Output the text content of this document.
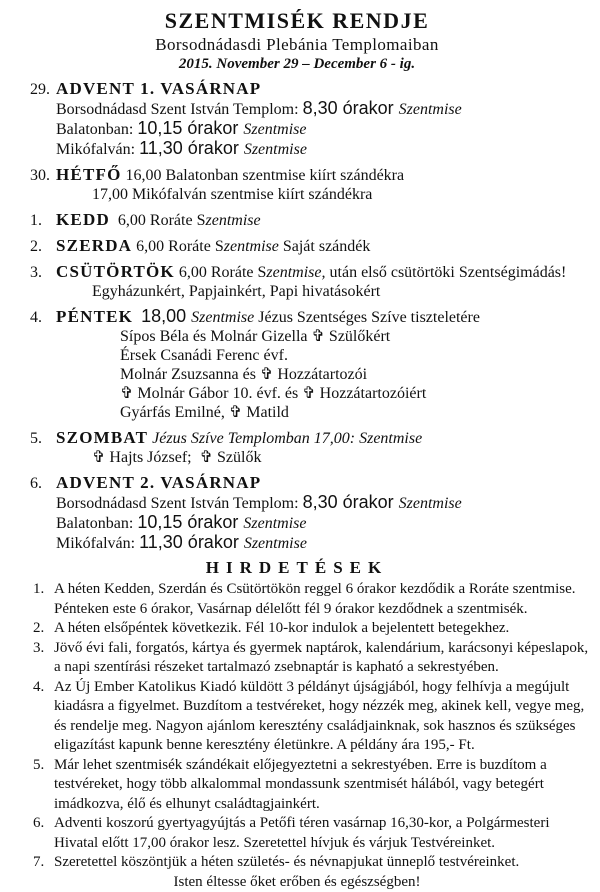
SZENTMISÉK RENDJE
Borsodnádasdi Plebánia Templomaiban
2015. November 29 – December 6 - ig.
29. ADVENT 1. VASÁRNAP
Borsodnádasd Szent István Templom: 8,30 órakor Szentmise
Balatonban: 10,15 órakor Szentmise
Mikófalván: 11,30 órakor Szentmise
30. HÉTFŐ 16,00 Balatonban szentmise kiírt szándékra
17,00 Mikófalván szentmise kiírt szándékra
1. KEDD  6,00 Roráte Szentmise
2. SZERDA 6,00 Roráte Szentmise Saját szándék
3. CSÜTÖRTÖK 6,00 Roráte Szentmise, után első csütörtöki Szentségimádás!
Egyházunkért, Papjainkért, Papi hivatásokért
4. PÉNTEK 18,00 Szentmise Jézus Szentséges Szíve tiszteletére
Sípos Béla és Molnár Gizella ✞ Szülőkért
Érsek Csanádi Ferenc évf.
Molnár Zsuzsanna és ✞ Hozzátartozói
✞ Molnár Gábor 10. évf. és ✞ Hozzátartozóiért
Gyárfás Emilné, ✞ Matild
5. SZOMBAT Jézus Szíve Templomban 17,00: Szentmise
✞ Hajts József;  ✞ Szülők
6. ADVENT 2. VASÁRNAP
Borsodnádasd Szent István Templom: 8,30 órakor Szentmise
Balatonban: 10,15 órakor Szentmise
Mikófalván: 11,30 órakor Szentmise
HIRDETÉSEK
1. A héten Kedden, Szerdán és Csütörtökön reggel 6 órakor kezdődik a Roráte szentmise. Pénteken este 6 órakor, Vasárnap délelőtt fél 9 órakor kezdődnek a szentmisék.
2. A héten elsőpéntek következik. Fél 10-kor indulok a bejelentett betegekhez.
3. Jövő évi fali, forgatós, kártya és gyermek naptárok, kalendárium, karácsonyi képeslapok, a napi szentírási részeket tartalmazó zsebnaptár is kapható a sekrestyében.
4. Az Új Ember Katolikus Kiadó küldött 3 példányt újságjából, hogy felhívja a megújult kiadásra a figyelmet. Buzdítom a testvéreket, hogy nézzék meg, akinek kell, vegye meg, és rendelje meg. Nagyon ajánlom keresztény családjainknak, sok hasznos és szükséges eligazítást kapunk benne keresztény életünkre. A példány ára 195,- Ft.
5. Már lehet szentmisék szándékait előjegyeztetni a sekrestyében. Erre is buzdítom a testvéreket, hogy több alkalommal mondassunk szentmisét hálából, vagy betegért imádkozva, élő és elhunyt családtagjainkért.
6. Adventi koszorú gyertyagyújtás a Petőfi téren vasárnap 16,30-kor, a Polgármesteri Hivatal előtt 17,00 órakor lesz. Szeretettel hívjuk és várjuk Testvéreinket.
7. Szeretettel köszöntjük a héten születés- és névnapjukat ünneplő testvéreinket.
Isten éltesse őket erőben és egészségben!
